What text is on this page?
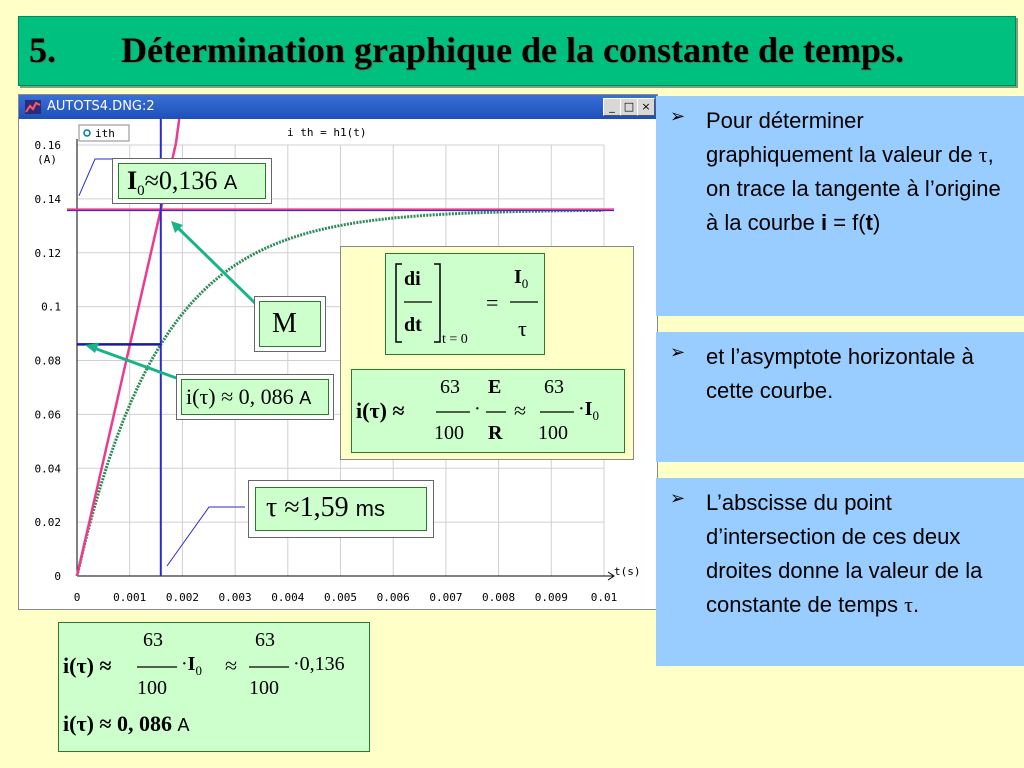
5. Détermination graphique de la constante de temps.
AUTOTS4.DNG:2	_ □ ×
0	0.001 0.002 0.003 0.004 0.005 0.006 0.007 0.008 0.009 0.01
t(s)
0
0.02
0.04
0.06
0.08
0.1
0.12
0.14
0.16
(A)
ith	i th = h1(t)
$I_0\approx 0,136$ A
M
i(τ) ≈ 0, 086 A
τ ≈1,59 ms
di
dt
t = 0
=
$I_0$
τ
i(τ) ≈
63
100
·
E
R
≈
63
100
$\cdot I_0$
➢ Pour déterminer graphiquement la valeur de τ, on trace la tangente à l’origine à la courbe i = f(t)
➢ et l’asymptote horizontale à cette courbe.
➢ L’abscisse du point d’intersection de ces deux droites donne la valeur de la constante de temps τ.
i(τ) ≈
63
100
$\cdot I_0$ ≈
63
100
·0,136
i(τ) ≈ 0, 086 A
